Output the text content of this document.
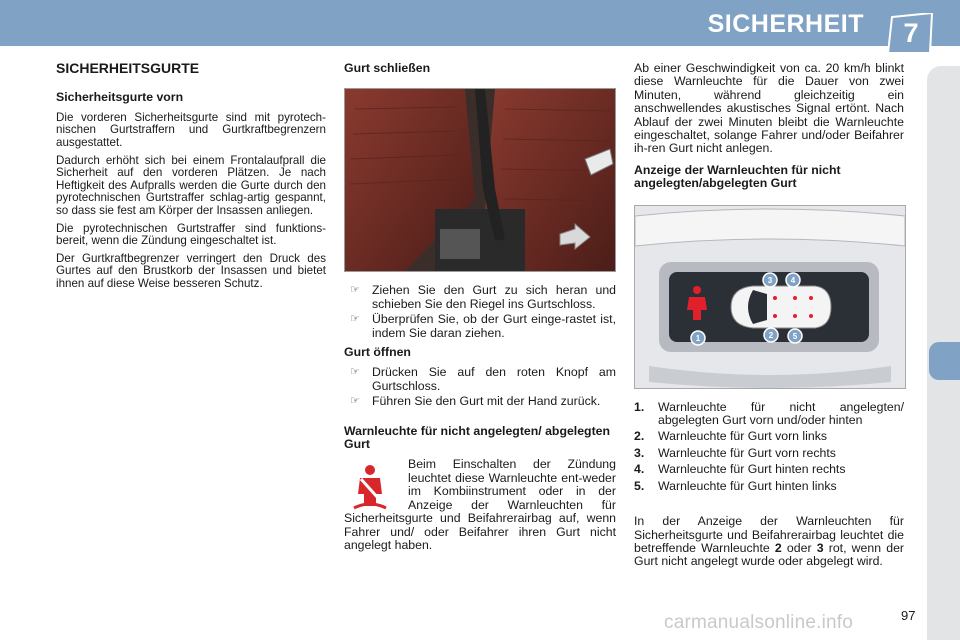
SICHERHEIT	7
SICHERHEITSGURTE
Sicherheitsgurte vorn

Die vorderen Sicherheitsgurte sind mit pyrotech-nischen Gurtstraffern und Gurtkraftbegrenzern ausgestattet.

Dadurch erhöht sich bei einem Frontalaufprall die Sicherheit auf den vorderen Plätzen. Je nach Heftigkeit des Aufpralls werden die Gurte durch den pyrotechnischen Gurtstraffer schlag-artig gespannt, so dass sie fest am Körper der Insassen anliegen.

Die pyrotechnischen Gurtstraffer sind funktions-bereit, wenn die Zündung eingeschaltet ist.

Der Gurtkraftbegrenzer verringert den Druck des Gurtes auf den Brustkorb der Insassen und bietet ihnen auf diese Weise besseren Schutz.

Gurt schließen
☞ Ziehen Sie den Gurt zu sich heran und schieben Sie den Riegel ins Gurtschloss.
☞ Überprüfen Sie, ob der Gurt einge-rastet ist, indem Sie daran ziehen.
Gurt öffnen
☞ Drücken Sie auf den roten Knopf am Gurtschloss.
☞ Führen Sie den Gurt mit der Hand zurück.
Warnleuchte für nicht angelegten/ abgelegten Gurt

Beim Einschalten der Zündung leuchtet diese Warnleuchte ent-weder im Kombiinstrument oder in der Anzeige der Warnleuchten für Sicherheitsgurte und Beifahrerairbag auf, wenn Fahrer und/ oder Beifahrer ihren Gurt nicht angelegt haben.

Ab einer Geschwindigkeit von ca. 20 km/h blinkt diese Warnleuchte für die Dauer von zwei Minuten, während gleichzeitig ein anschwellendes akustisches Signal ertönt. Nach Ablauf der zwei Minuten bleibt die Warnleuchte eingeschaltet, solange Fahrer und/oder Beifahrer ih-ren Gurt nicht anlegen.

Anzeige der Warnleuchten für nicht angelegten/abgelegten Gurt
3 4
1	2 5
1.	Warnleuchte für nicht angelegten/ abgelegten Gurt vorn und/oder hinten
2.	Warnleuchte für Gurt vorn links
3.	Warnleuchte für Gurt vorn rechts
4.	Warnleuchte für Gurt hinten rechts
5.	Warnleuchte für Gurt hinten links

In der Anzeige der Warnleuchten für Sicherheitsgurte und Beifahrerairbag leuchtet die betreffende Warnleuchte 2 oder 3 rot, wenn der Gurt nicht angelegt wurde oder abgelegt wird.

carmanualsonline.info	97
